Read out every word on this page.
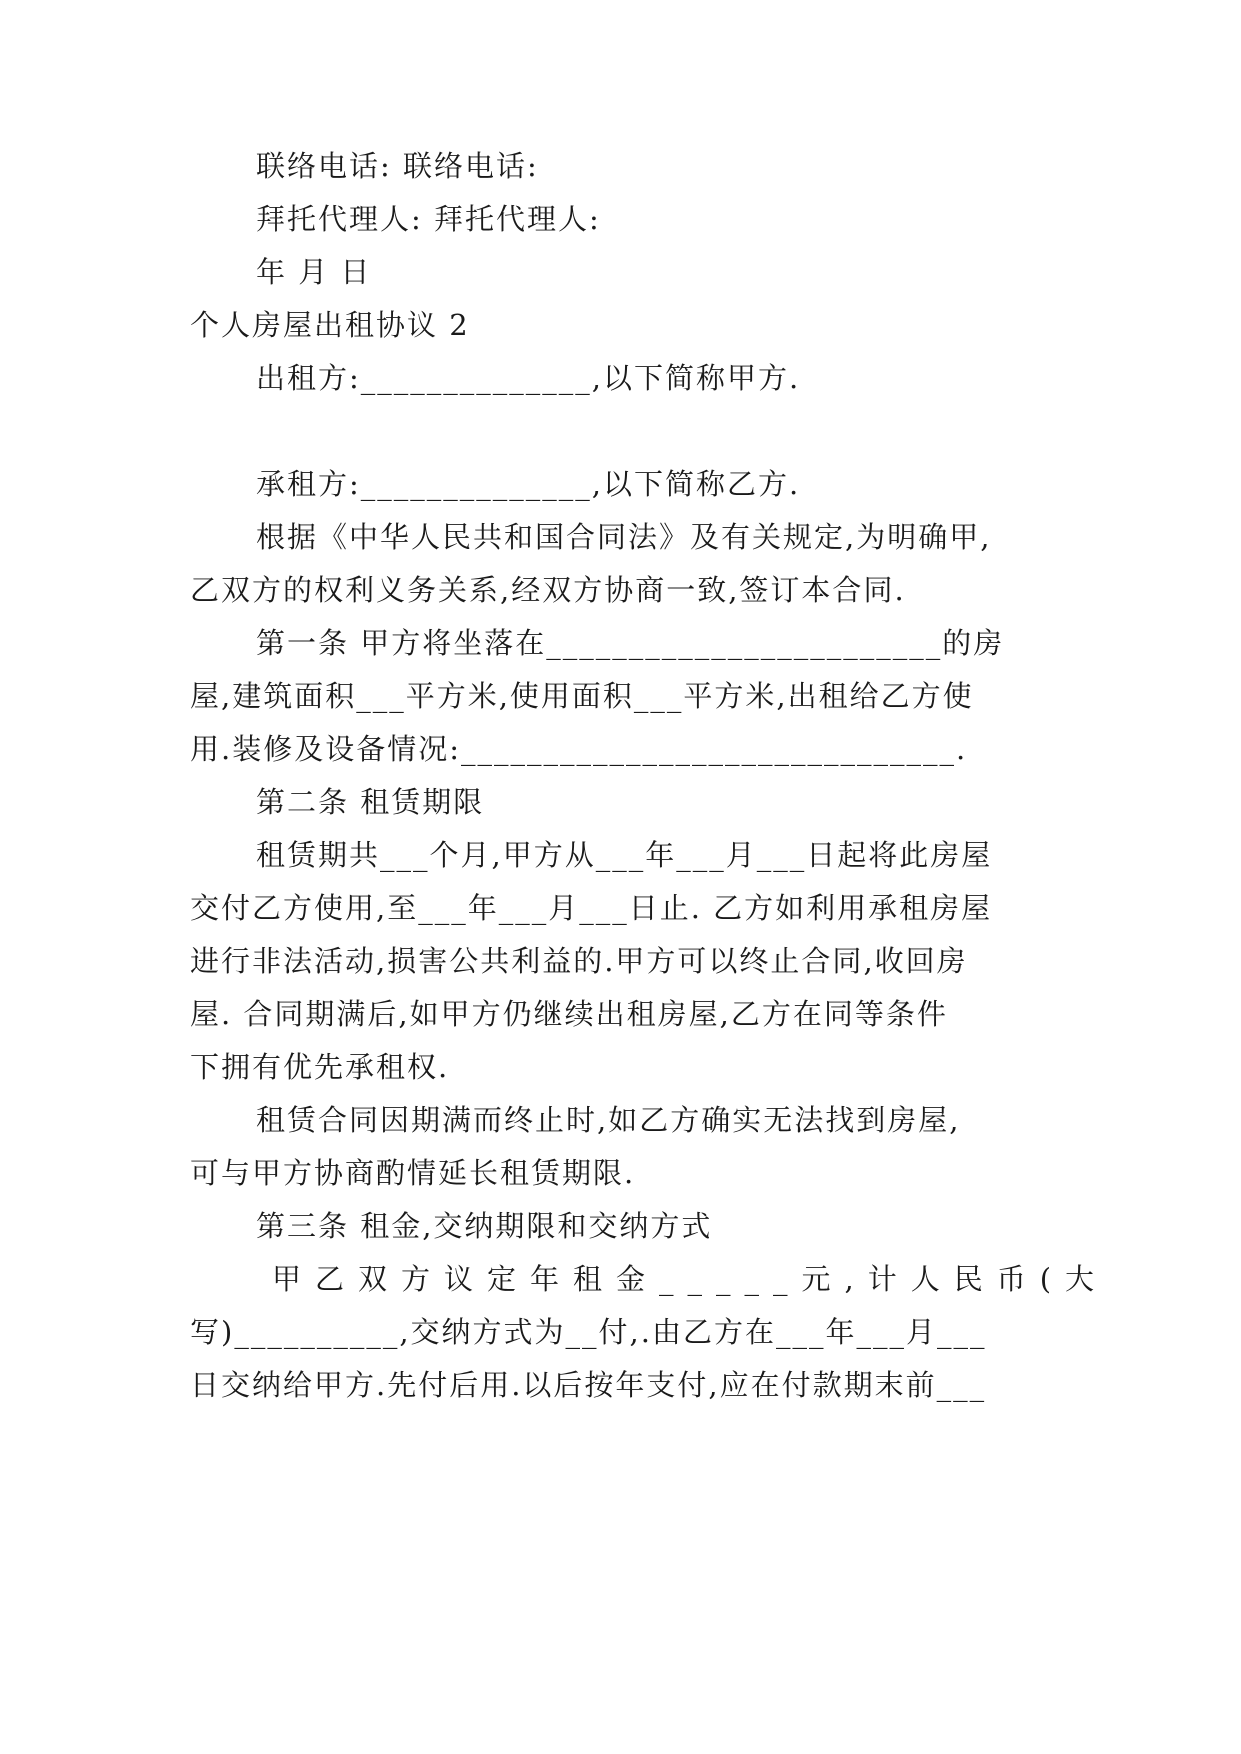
联络电话: 联络电话:
拜托代理人: 拜托代理人:
年 月 日
个人房屋出租协议 2
出租方:______________,以下简称甲方.
承租方:______________,以下简称乙方.
根据《中华人民共和国合同法》及有关规定,为明确甲,
乙双方的权利义务关系,经双方协商一致,签订本合同.
第一条 甲方将坐落在________________________的房
屋,建筑面积___平方米,使用面积___平方米,出租给乙方使
用.装修及设备情况:______________________________.
第二条 租赁期限
租赁期共___个月,甲方从___年___月___日起将此房屋
交付乙方使用,至___年___月___日止. 乙方如利用承租房屋
进行非法活动,损害公共利益的.甲方可以终止合同,收回房
屋. 合同期满后,如甲方仍继续出租房屋,乙方在同等条件
下拥有优先承租权.
租赁合同因期满而终止时,如乙方确实无法找到房屋,
可与甲方协商酌情延长租赁期限.
第三条 租金,交纳期限和交纳方式
甲乙双方议定年租金_____元,计人民币(大
写)__________,交纳方式为__付,.由乙方在___年___月___
日交纳给甲方.先付后用.以后按年支付,应在付款期末前___
